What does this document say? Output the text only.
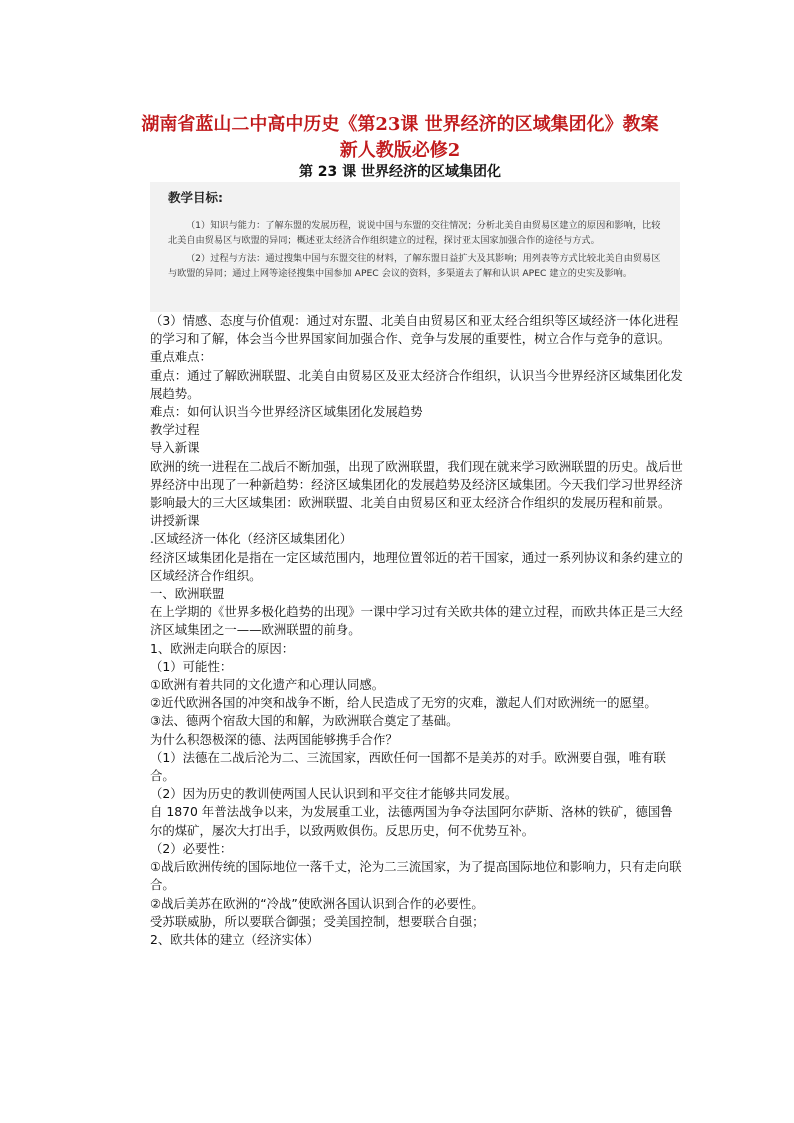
湖南省蓝山二中高中历史《第23课 世界经济的区域集团化》教案 新人教版必修2
第 23 课 世界经济的区域集团化
教学目标:

（1）知识与能力：了解东盟的发展历程，说说中国与东盟的交往情况；分析北美自由贸易区建立的原因和影响，比较北美自由贸易区与欧盟的异同；概述亚太经济合作组织建立的过程，探讨亚太国家加强合作的途径与方式。

（2）过程与方法：通过搜集中国与东盟交往的材料，了解东盟日益扩大及其影响；用列表等方式比较北美自由贸易区与欧盟的异同；通过上网等途径搜集中国参加 APEC 会议的资料，多渠道去了解和认识 APEC 建立的史实及影响。

（3）情感、态度与价值观：通过对东盟、北美自由贸易区和亚太经合组织等区域经济一体化进程的学习和了解，体会当今世界国家间加强合作、竞争与发展的重要性，树立合作与竞争的意识。

重点难点：

重点：通过了解欧洲联盟、北美自由贸易区及亚太经济合作组织，认识当今世界经济区域集团化发展趋势。

难点：如何认识当今世界经济区域集团化发展趋势

教学过程

导入新课

欧洲的统一进程在二战后不断加强，出现了欧洲联盟，我们现在就来学习欧洲联盟的历史。战后世界经济中出现了一种新趋势：经济区域集团化的发展趋势及经济区域集团。今天我们学习世界经济影响最大的三大区域集团：欧洲联盟、北美自由贸易区和亚太经济合作组织的发展历程和前景。

讲授新课

.区域经济一体化（经济区域集团化）

经济区域集团化是指在一定区域范围内，地理位置邻近的若干国家，通过一系列协议和条约建立的区域经济合作组织。

一、欧洲联盟

在上学期的《世界多极化趋势的出现》一课中学习过有关欧共体的建立过程，而欧共体正是三大经济区域集团之一——欧洲联盟的前身。

1、欧洲走向联合的原因：

（1）可能性：

①欧洲有着共同的文化遗产和心理认同感。

②近代欧洲各国的冲突和战争不断，给人民造成了无穷的灾难，激起人们对欧洲统一的愿望。

③法、德两个宿敌大国的和解，为欧洲联合奠定了基础。

为什么积怨极深的德、法两国能够携手合作？

（1）法德在二战后沦为二、三流国家，西欧任何一国都不是美苏的对手。欧洲要自强，唯有联合。

（2）因为历史的教训使两国人民认识到和平交往才能够共同发展。

自 1870 年普法战争以来，为发展重工业，法德两国为争夺法国阿尔萨斯、洛林的铁矿，德国鲁尔的煤矿，屡次大打出手，以致两败俱伤。反思历史，何不优势互补。

（2）必要性：

①战后欧洲传统的国际地位一落千丈，沦为二三流国家，为了提高国际地位和影响力，只有走向联合。

②战后美苏在欧洲的“冷战”使欧洲各国认识到合作的必要性。

受苏联威胁，所以要联合御强；受美国控制，想要联合自强；

2、欧共体的建立（经济实体）
